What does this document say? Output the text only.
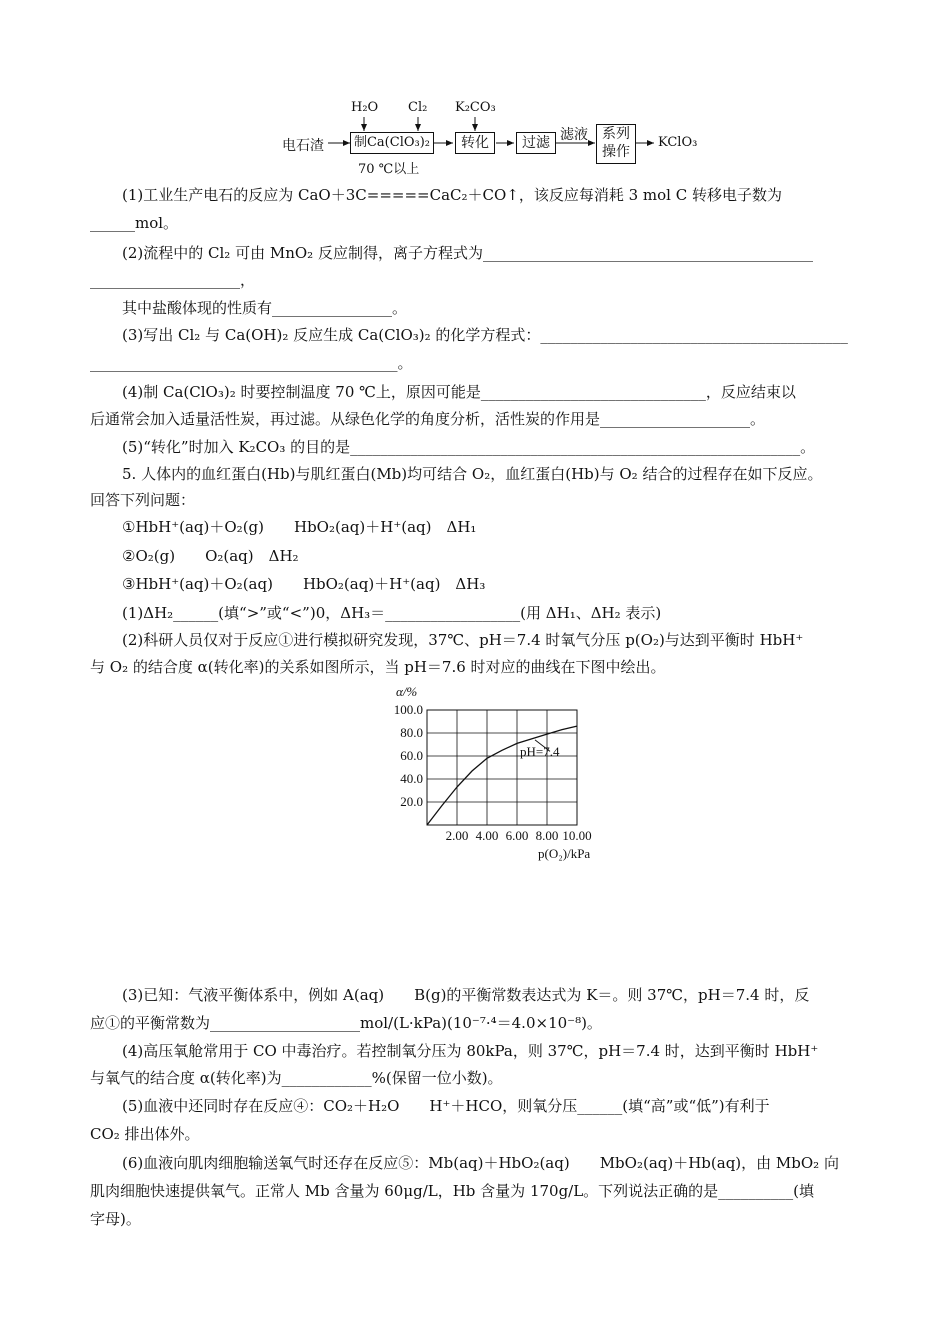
电石渣
H₂O Cl₂ K₂CO₃
制Ca(ClO₃)₂	转化	过滤 滤液	系列
操作
KClO₃
70 ℃以上
(1)工业生产电石的反应为 CaO＋3C=====CaC₂＋CO↑，该反应每消耗 3 mol C 转移电子数为
______mol。
(2)流程中的 Cl₂ 可由 MnO₂ 反应制得，离子方程式为____________________________________________
____________________，
其中盐酸体现的性质有________________。
(3)写出 Cl₂ 与 Ca(OH)₂ 反应生成 Ca(ClO₃)₂ 的化学方程式：_________________________________________
_________________________________________。
(4)制 Ca(ClO₃)₂ 时要控制温度 70 ℃上，原因可能是______________________________，反应结束以
后通常会加入适量活性炭，再过滤。从绿色化学的角度分析，活性炭的作用是____________________。
(5)“转化”时加入 K₂CO₃ 的目的是____________________________________________________________。
5. 人体内的血红蛋白(Hb)与肌红蛋白(Mb)均可结合 O₂，血红蛋白(Hb)与 O₂ 结合的过程存在如下反应。
回答下列问题：
①HbH⁺(aq)＋O₂(g)　　HbO₂(aq)＋H⁺(aq)　ΔH₁
②O₂(g)　　O₂(aq)　ΔH₂
③HbH⁺(aq)＋O₂(aq)　　HbO₂(aq)＋H⁺(aq)　ΔH₃
(1)ΔH₂______(填“>”或“<”)0，ΔH₃＝__________________(用 ΔH₁、ΔH₂ 表示)
(2)科研人员仅对于反应①进行模拟研究发现，37℃、pH＝7.4 时氧气分压 p(O₂)与达到平衡时 HbH⁺
与 O₂ 的结合度 α(转化率)的关系如图所示，当 pH＝7.6 时对应的曲线在下图中绘出。
α/%
p(O₂)/kPa
2.00 4.00 6.00 8.00 10.00
20.0
40.0
60.0
80.0
100.0
pH=7.4
(3)已知：气液平衡体系中，例如 A(aq)　　B(g)的平衡常数表达式为 K＝。则 37℃，pH＝7.4 时，反
应①的平衡常数为____________________mol/(L·kPa)(10⁻⁷·⁴＝4.0×10⁻⁸)。
(4)高压氧舱常用于 CO 中毒治疗。若控制氧分压为 80kPa，则 37℃，pH＝7.4 时，达到平衡时 HbH⁺
与氧气的结合度 α(转化率)为____________%(保留一位小数)。
(5)血液中还同时存在反应④：CO₂＋H₂O　　H⁺＋HCO，则氧分压______(填“高”或“低”)有利于
CO₂ 排出体外。
(6)血液向肌肉细胞输送氧气时还存在反应⑤：Mb(aq)＋HbO₂(aq)　　MbO₂(aq)＋Hb(aq)，由 MbO₂ 向
肌肉细胞快速提供氧气。正常人 Mb 含量为 60μg/L，Hb 含量为 170g/L。下列说法正确的是__________(填
字母)。
